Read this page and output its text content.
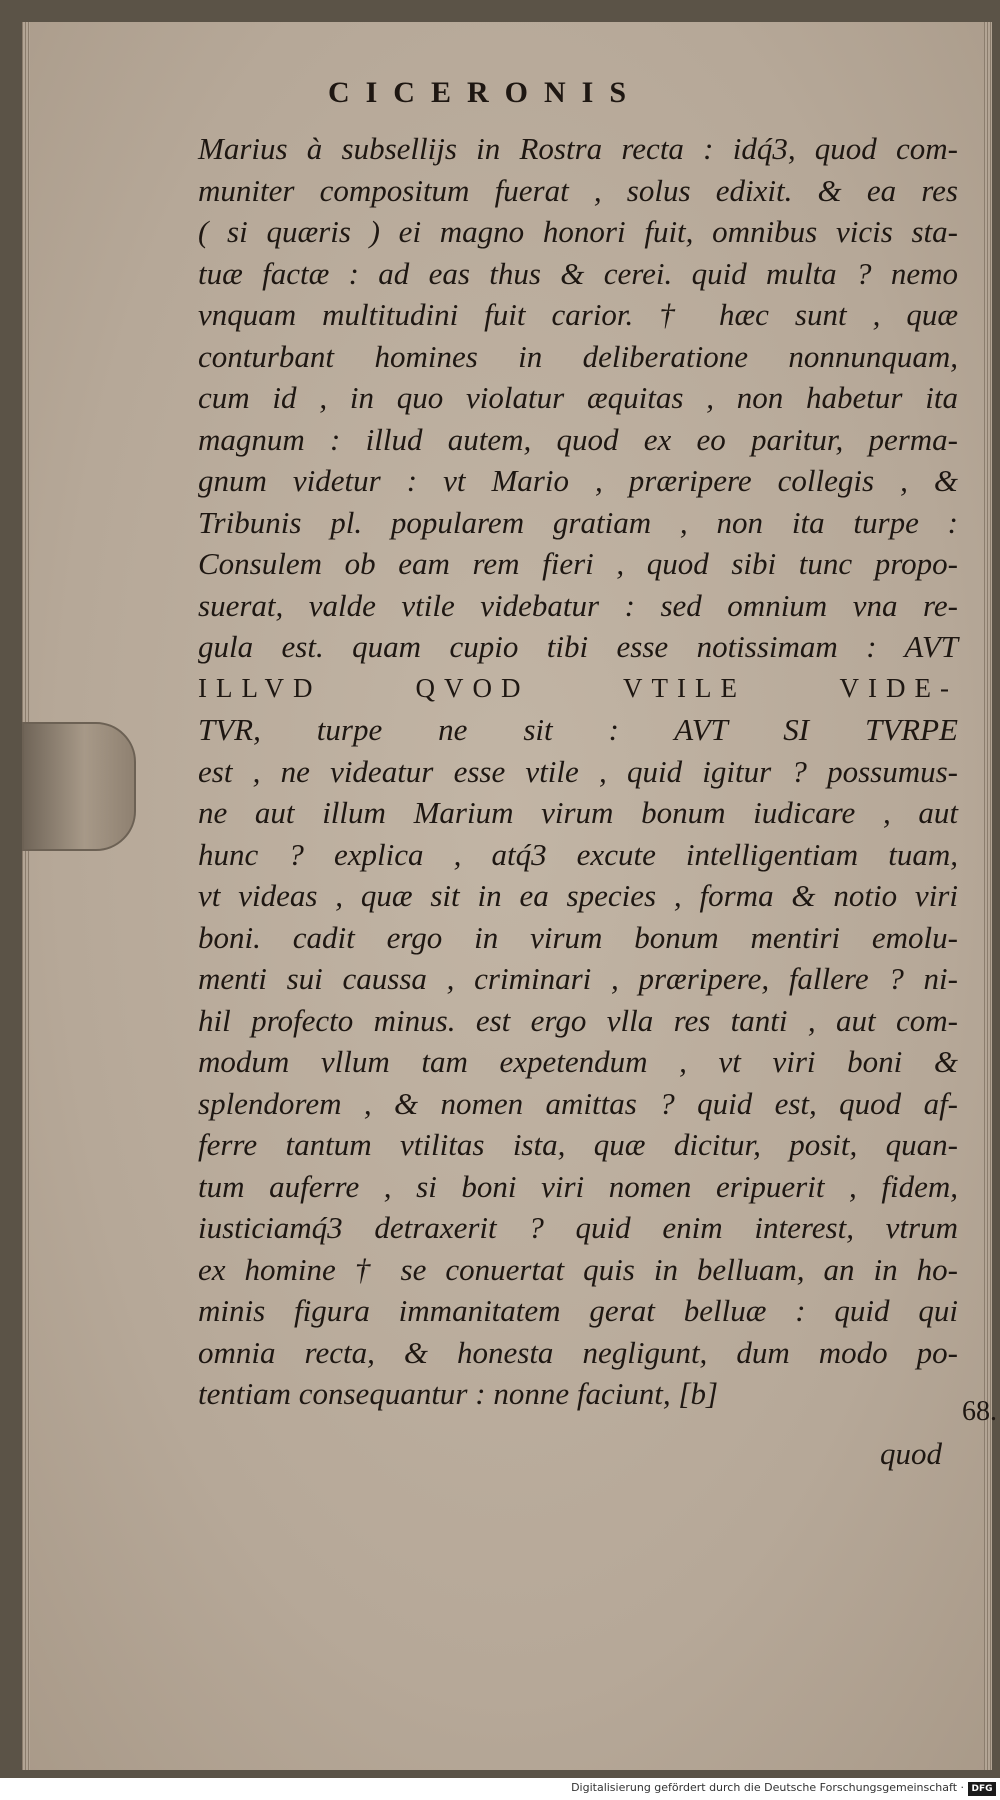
CICERONIS
Marius à subsellijs in Rostra recta : idq́3, quod com-
muniter compositum fuerat , solus edixit. & ea res
( si quæris ) ei magno honori fuit, omnibus vicis sta-
tuæ factæ : ad eas thus & cerei. quid multa ? nemo
vnquam multitudini fuit carior. † hæc sunt , quæ
conturbant homines in deliberatione nonnunquam,
cum id , in quo violatur æquitas , non habetur ita
magnum : illud autem, quod ex eo paritur, perma-
gnum videtur : vt Mario , præripere collegis , &
Tribunis pl. popularem gratiam , non ita turpe :
Consulem ob eam rem fieri , quod sibi tunc propo-
suerat, valde vtile videbatur : sed omnium vna re-
gula est. quam cupio tibi esse notissimam : AVT
ILLVD QVOD VTILE VIDE-
TVR, turpe ne sit : AVT SI TVRPE
est , ne videatur esse vtile , quid igitur ? possumus-
ne aut illum Marium virum bonum iudicare , aut
hunc ? explica , atq́3 excute intelligentiam tuam,
vt videas , quæ sit in ea species , forma & notio viri
boni. cadit ergo in virum bonum mentiri emolu-
menti sui caussa , criminari , præripere, fallere ? ni-
hil profecto minus. est ergo vlla res tanti , aut com-
modum vllum tam expetendum , vt viri boni &
splendorem , & nomen amittas ? quid est, quod af-
ferre tantum vtilitas ista, quæ dicitur, posit, quan-
tum auferre , si boni viri nomen eripuerit , fidem,
iusticiamq́3 detraxerit ? quid enim interest, vtrum
ex homine † se conuertat quis in belluam, an in ho-
minis figura immanitatem gerat belluæ : quid qui
omnia recta, & honesta negligunt, dum modo po-
tentiam consequantur : nonne faciunt, [b]

quod

68.

Digitalisierung gefördert durch die Deutsche Forschungsgemeinschaft · DFG
